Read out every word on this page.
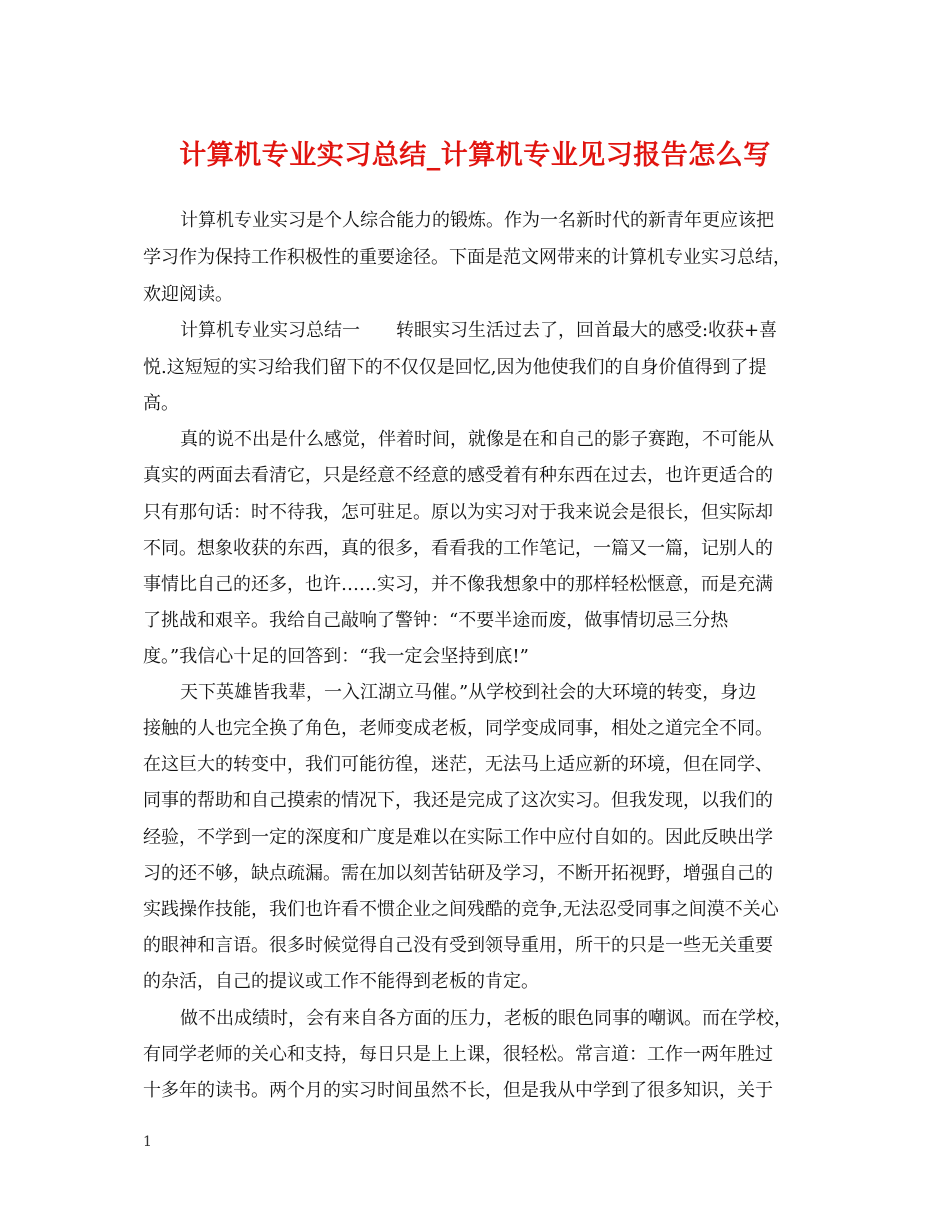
计算机专业实习总结_计算机专业见习报告怎么写
计算机专业实习是个人综合能力的锻炼。作为一名新时代的新青年更应该把
学习作为保持工作积极性的重要途径。下面是范文网带来的计算机专业实习总结，
欢迎阅读。
计算机专业实习总结一　　转眼实习生活过去了，回首最大的感受:收获+喜
悦.这短短的实习给我们留下的不仅仅是回忆,因为他使我们的自身价值得到了提
高。
真的说不出是什么感觉，伴着时间，就像是在和自己的影子赛跑，不可能从
真实的两面去看清它，只是经意不经意的感受着有种东西在过去，也许更适合的
只有那句话：时不待我，怎可驻足。原以为实习对于我来说会是很长，但实际却
不同。想象收获的东西，真的很多，看看我的工作笔记，一篇又一篇，记别人的
事情比自己的还多，也许……实习，并不像我想象中的那样轻松惬意，而是充满
了挑战和艰辛。我给自己敲响了警钟：“不要半途而废，做事情切忌三分热
度。”我信心十足的回答到：“我一定会坚持到底!”
天下英雄皆我辈，一入江湖立马催。”从学校到社会的大环境的转变，身边
接触的人也完全换了角色，老师变成老板，同学变成同事，相处之道完全不同。
在这巨大的转变中，我们可能彷徨，迷茫，无法马上适应新的环境，但在同学、
同事的帮助和自己摸索的情况下，我还是完成了这次实习。但我发现，以我们的
经验，不学到一定的深度和广度是难以在实际工作中应付自如的。因此反映出学
习的还不够，缺点疏漏。需在加以刻苦钻研及学习，不断开拓视野，增强自己的
实践操作技能，我们也许看不惯企业之间残酷的竞争,无法忍受同事之间漠不关心
的眼神和言语。很多时候觉得自己没有受到领导重用，所干的只是一些无关重要
的杂活，自己的提议或工作不能得到老板的肯定。
做不出成绩时，会有来自各方面的压力，老板的眼色同事的嘲讽。而在学校，
有同学老师的关心和支持，每日只是上上课，很轻松。常言道：工作一两年胜过
十多年的读书。两个月的实习时间虽然不长，但是我从中学到了很多知识，关于
1
